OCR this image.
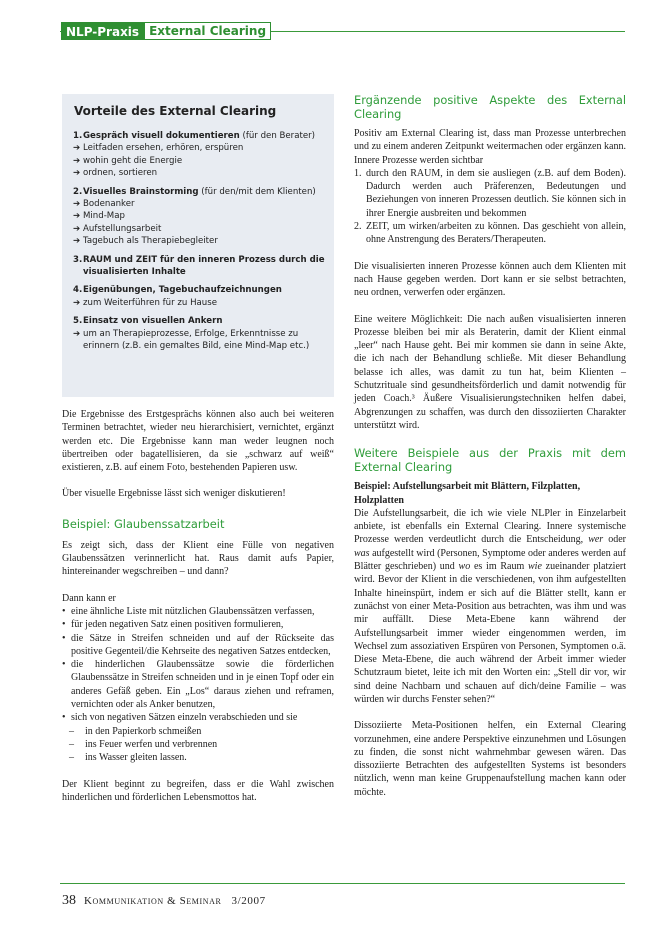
NLP-Praxis External Clearing
Vorteile des External Clearing
1. Gespräch visuell dokumentieren (für den Berater)
➔ Leitfaden ersehen, erhören, erspüren
➔ wohin geht die Energie
➔ ordnen, sortieren
2. Visuelles Brainstorming (für den/mit dem Klienten)
➔ Bodenanker
➔ Mind-Map
➔ Aufstellungsarbeit
➔ Tagebuch als Therapiebegleiter
3. RAUM und ZEIT für den inneren Prozess durch die visualisierten Inhalte
4. Eigenübungen, Tagebuchaufzeichnungen
➔ zum Weiterführen für zu Hause
5. Einsatz von visuellen Ankern
➔ um an Therapieprozesse, Erfolge, Erkenntnisse zu erinnern (z.B. ein gemaltes Bild, eine Mind-Map etc.)

Die Ergebnisse des Erstgesprächs können also auch bei weiteren Terminen betrachtet, wieder neu hierarchisiert, vernichtet, ergänzt werden etc. Die Ergebnisse kann man weder leugnen noch übertreiben oder bagatellisieren, da sie „schwarz auf weiß“ existieren, z.B. auf einem Foto, bestehenden Papieren usw.

Über visuelle Ergebnisse lässt sich weniger diskutieren!

Beispiel: Glaubenssatzarbeit

Es zeigt sich, dass der Klient eine Fülle von negativen Glaubenssätzen verinnerlicht hat. Raus damit aufs Papier, hintereinander wegschreiben – und dann?

Dann kann er
• eine ähnliche Liste mit nützlichen Glaubenssätzen verfassen,
• für jeden negativen Satz einen positiven formulieren,
• die Sätze in Streifen schneiden und auf der Rückseite das positive Gegenteil/die Kehrseite des negativen Satzes entdecken,
• die hinderlichen Glaubenssätze sowie die förderlichen Glaubenssätze in Streifen schneiden und in je einen Topf oder ein anderes Gefäß geben. Ein „Los“ daraus ziehen und reframen, vernichten oder als Anker benutzen,
• sich von negativen Sätzen einzeln verabschieden und sie
–	in den Papierkorb schmeißen
–	ins Feuer werfen und verbrennen
–	ins Wasser gleiten lassen.

Der Klient beginnt zu begreifen, dass er die Wahl zwischen hinderlichen und förderlichen Lebensmottos hat.

Ergänzende positive Aspekte des External Clearing
Positiv am External Clearing ist, dass man Prozesse unterbrechen und zu einem anderen Zeitpunkt weitermachen oder ergänzen kann. Innere Prozesse werden sichtbar
1. durch den RAUM, in dem sie ausliegen (z.B. auf dem Boden). Dadurch werden auch Präferenzen, Bedeutungen und Beziehungen von inneren Prozessen deutlich. Sie können sich in ihrer Energie ausbreiten und bekommen
2. ZEIT, um wirken/arbeiten zu können. Das geschieht von allein, ohne Anstrengung des Beraters/Therapeuten.

Die visualisierten inneren Prozesse können auch dem Klienten mit nach Hause gegeben werden. Dort kann er sie selbst betrachten, neu ordnen, verwerfen oder ergänzen.

Eine weitere Möglichkeit: Die nach außen visualisierten inneren Prozesse bleiben bei mir als Beraterin, damit der Klient einmal „leer“ nach Hause geht. Bei mir kommen sie dann in seine Akte, die ich nach der Behandlung schließe. Mit dieser Behandlung belasse ich alles, was damit zu tun hat, beim Klienten – Schutzrituale sind gesundheitsförderlich und damit notwendig für jeden Coach.³ Äußere Visualisierungstechniken helfen dabei, Abgrenzungen zu schaffen, was durch den dissoziierten Charakter unterstützt wird.

Weitere Beispiele aus der Praxis mit dem External Clearing
Beispiel: Aufstellungsarbeit mit Blättern, Filzplatten, Holzplatten

Die Aufstellungsarbeit, die ich wie viele NLPler in Einzelarbeit anbiete, ist ebenfalls ein External Clearing. Innere systemische Prozesse werden verdeutlicht durch die Entscheidung, wer oder was aufgestellt wird (Personen, Symptome oder anderes werden auf Blätter geschrieben) und wo es im Raum wie zueinander platziert wird. Bevor der Klient in die verschiedenen, von ihm aufgestellten Inhalte hineinspürt, indem er sich auf die Blätter stellt, kann er zunächst von einer Meta-Position aus betrachten, was ihm und was mir auffällt. Diese Meta-Ebene kann während der Aufstellungsarbeit immer wieder eingenommen werden, im Wechsel zum assoziativen Erspüren von Personen, Symptomen o.ä. Diese Meta-Ebene, die auch während der Arbeit immer wieder Schutzraum bietet, leite ich mit den Worten ein: „Stell dir vor, wir sind deine Nachbarn und schauen auf dich/deine Familie – was würden wir durchs Fenster sehen?“

Dissoziierte Meta-Positionen helfen, ein External Clearing vorzunehmen, eine andere Perspektive einzunehmen und Lösungen zu finden, die sonst nicht wahrnehmbar gewesen wären. Das dissoziierte Betrachten des aufgestellten Systems ist besonders nützlich, wenn man keine Gruppenaufstellung machen kann oder möchte.

38 Kommunikation & Seminar 3/2007
